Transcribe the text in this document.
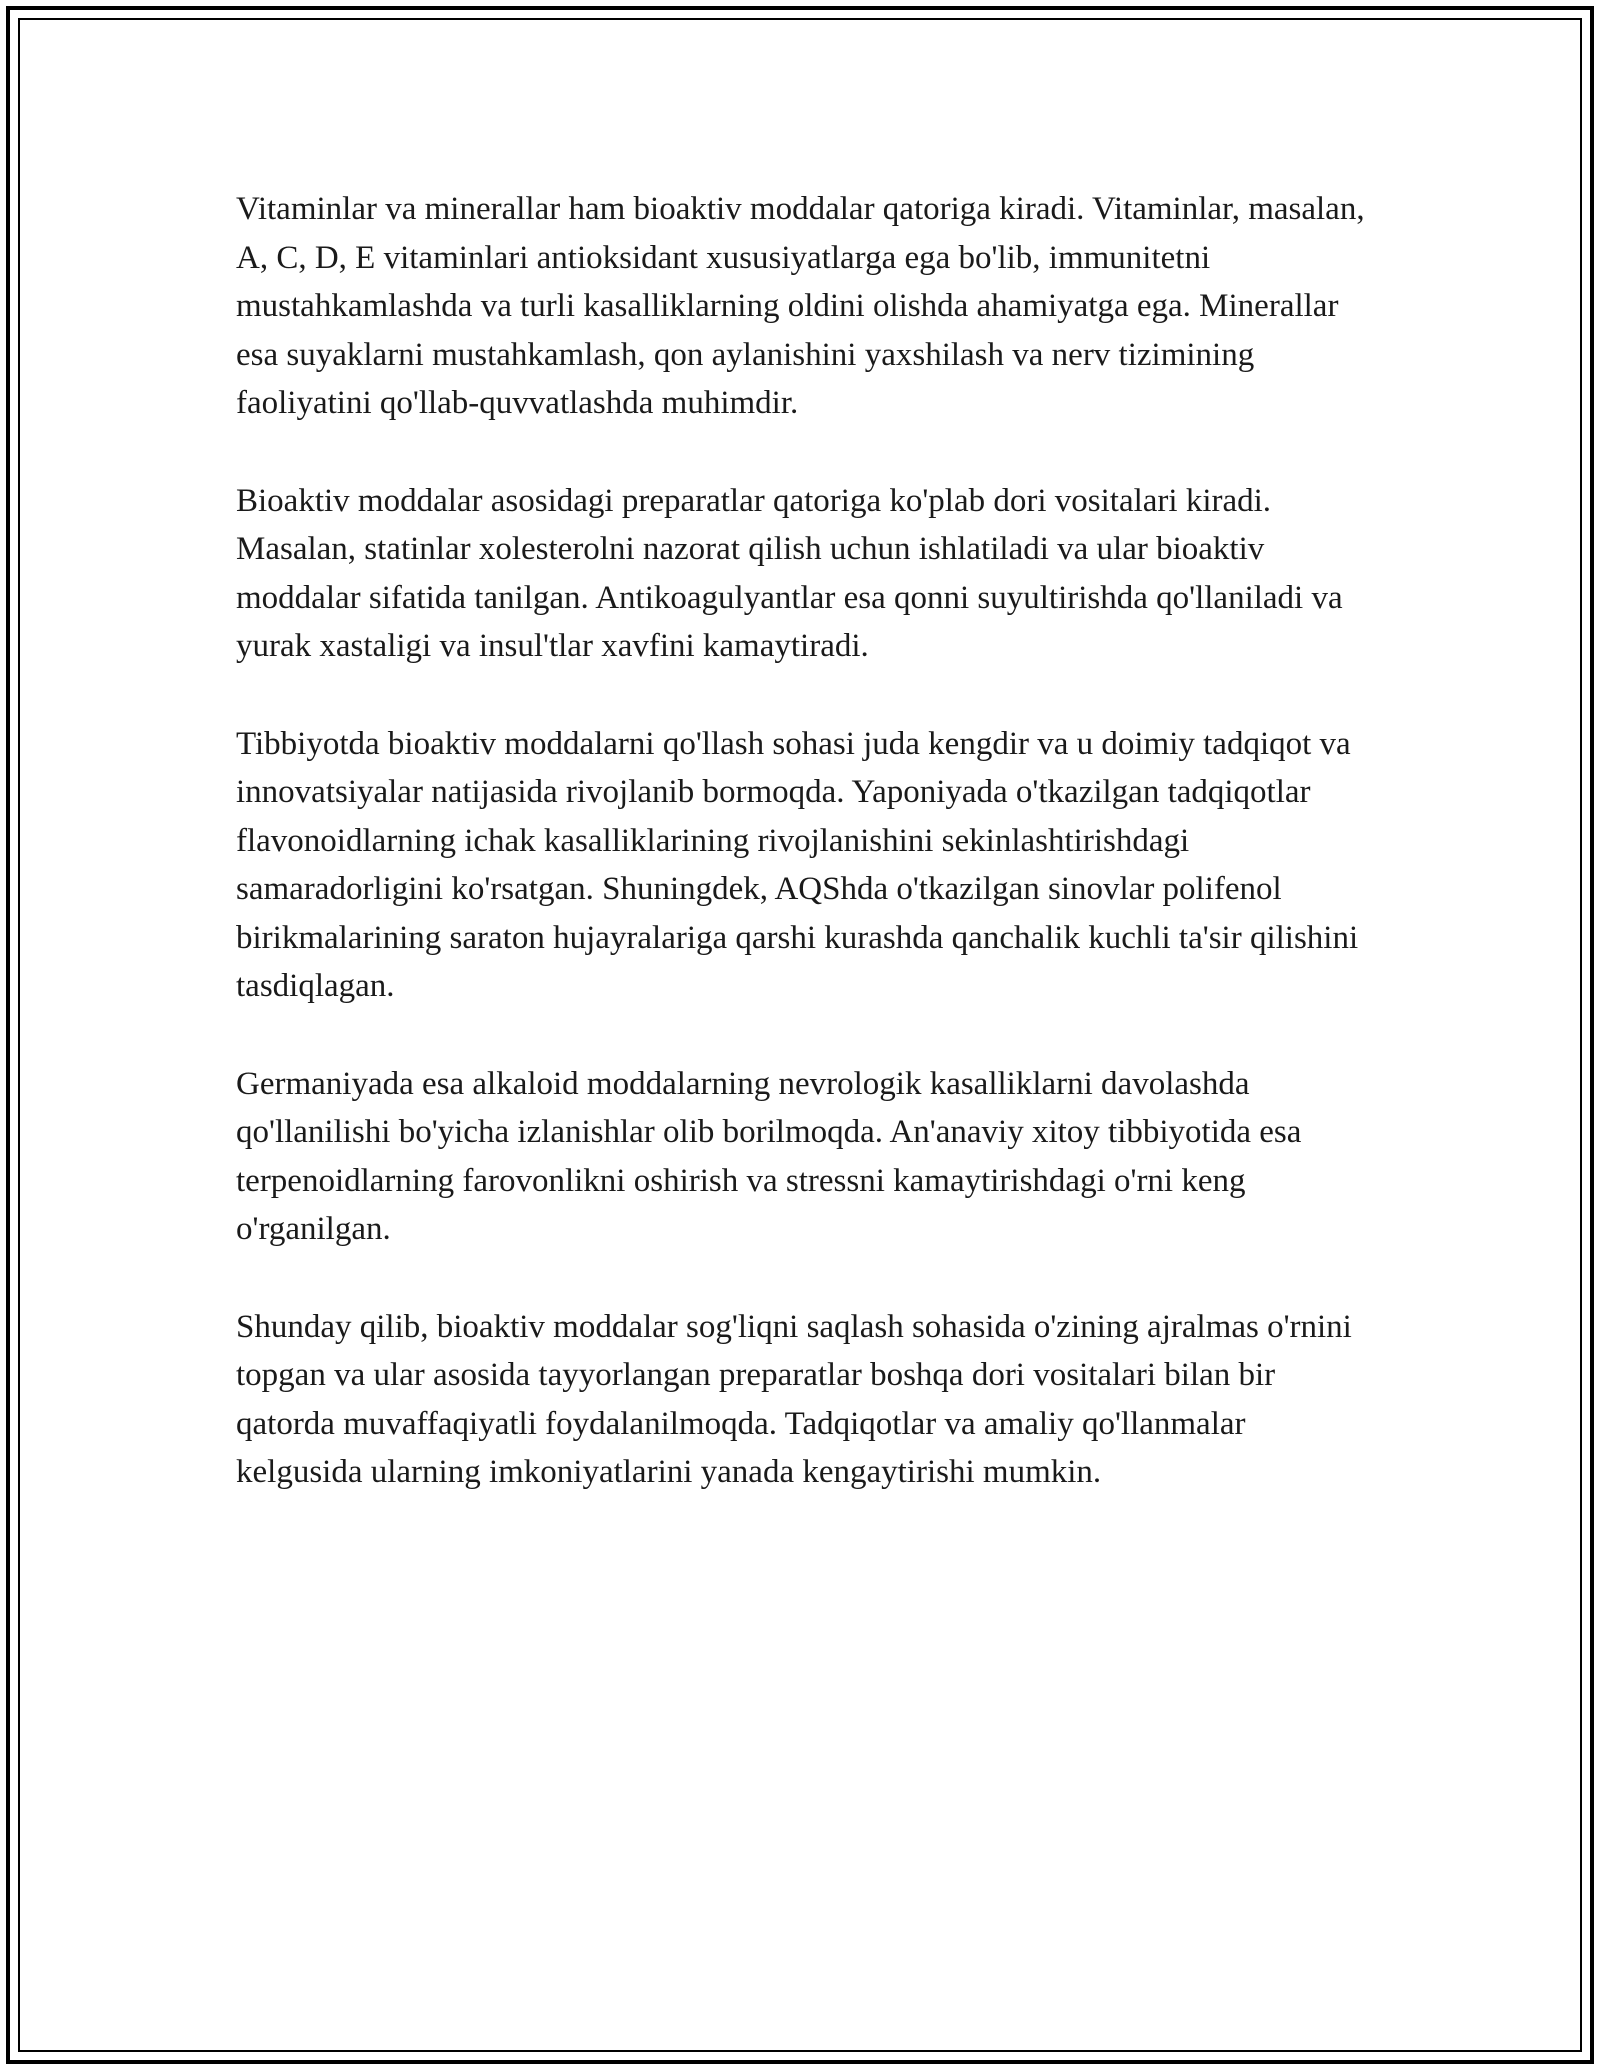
Vitaminlar va minerallar ham bioaktiv moddalar qatoriga kiradi. Vitaminlar, masalan, A, C, D, E vitaminlari antioksidant xususiyatlarga ega bo'lib, immunitetni mustahkamlashda va turli kasalliklarning oldini olishda ahamiyatga ega. Minerallar esa suyaklarni mustahkamlash, qon aylanishini yaxshilash va nerv tizimining faoliyatini qo'llab-quvvatlashda muhimdir.

Bioaktiv moddalar asosidagi preparatlar qatoriga ko'plab dori vositalari kiradi. Masalan, statinlar xolesterolni nazorat qilish uchun ishlatiladi va ular bioaktiv moddalar sifatida tanilgan. Antikoagulyantlar esa qonni suyultirishda qo'llaniladi va yurak xastaligi va insul'tlar xavfini kamaytiradi.

Tibbiyotda bioaktiv moddalarni qo'llash sohasi juda kengdir va u doimiy tadqiqot va innovatsiyalar natijasida rivojlanib bormoqda. Yaponiyada o'tkazilgan tadqiqotlar flavonoidlarning ichak kasalliklarining rivojlanishini sekinlashtirishdagi samaradorligini ko'rsatgan. Shuningdek, AQShda o'tkazilgan sinovlar polifenol birikmalarining saraton hujayralariga qarshi kurashda qanchalik kuchli ta'sir qilishini tasdiqlagan.

Germaniyada esa alkaloid moddalarning nevrologik kasalliklarni davolashda qo'llanilishi bo'yicha izlanishlar olib borilmoqda. An'anaviy xitoy tibbiyotida esa terpenoidlarning farovonlikni oshirish va stressni kamaytirishdagi o'rni keng o'rganilgan.

Shunday qilib, bioaktiv moddalar sog'liqni saqlash sohasida o'zining ajralmas o'rnini topgan va ular asosida tayyorlangan preparatlar boshqa dori vositalari bilan bir qatorda muvaffaqiyatli foydalanilmoqda. Tadqiqotlar va amaliy qo'llanmalar kelgusida ularning imkoniyatlarini yanada kengaytirishi mumkin.
